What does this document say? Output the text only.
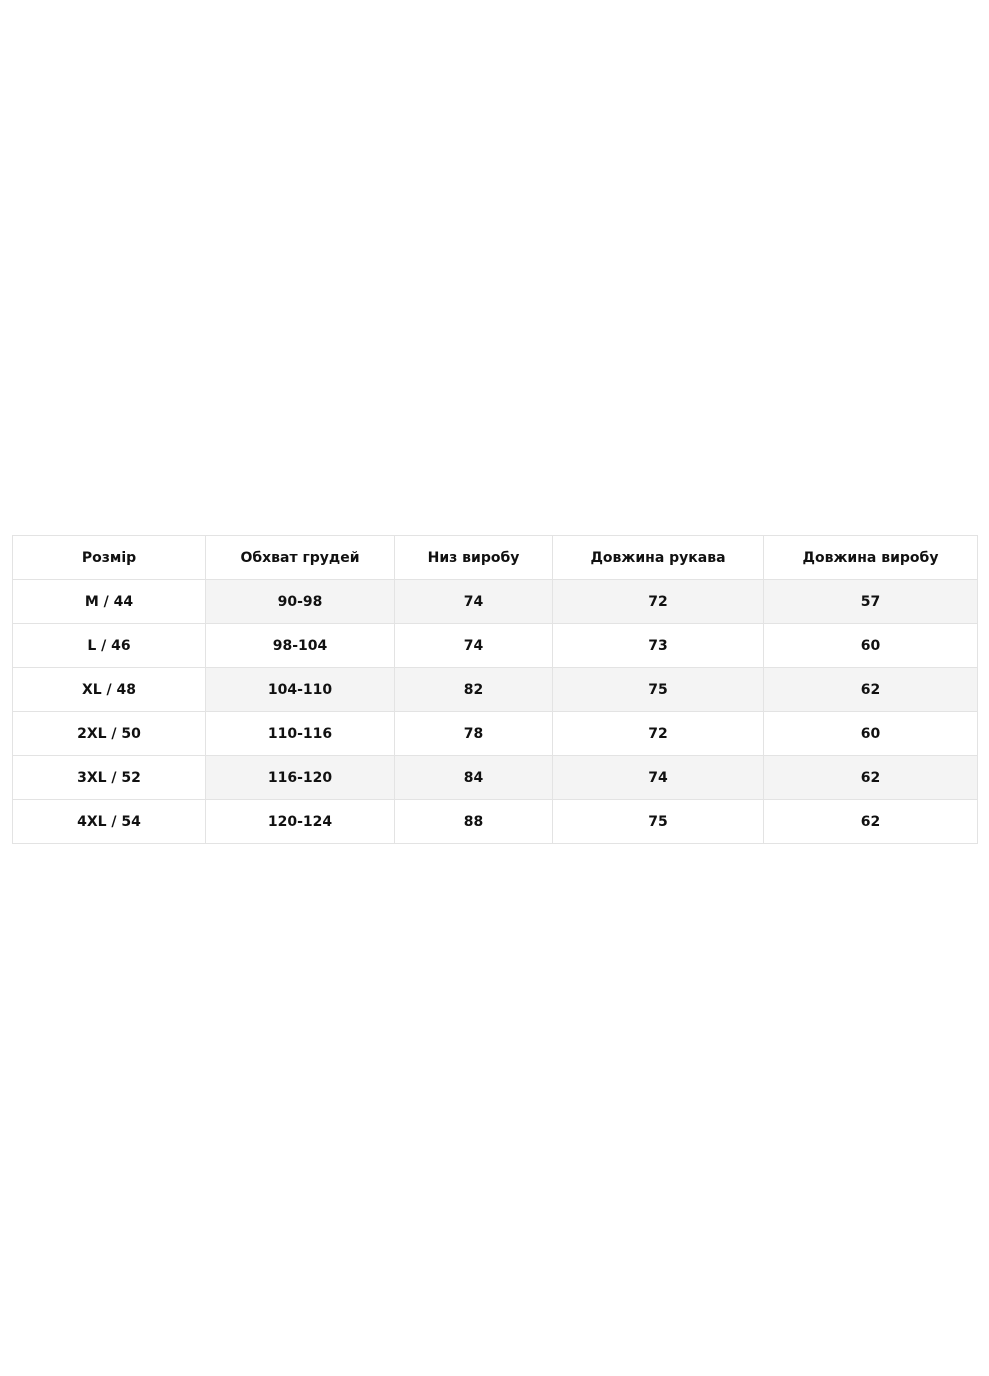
Розмір	Обхват грудей	Низ виробу	Довжина рукава	Довжина виробу
M / 44	90-98	74	72	57
L / 46	98-104	74	73	60
XL / 48	104-110	82	75	62
2XL / 50	110-116	78	72	60
3XL / 52	116-120	84	74	62
4XL / 54	120-124	88	75	62
